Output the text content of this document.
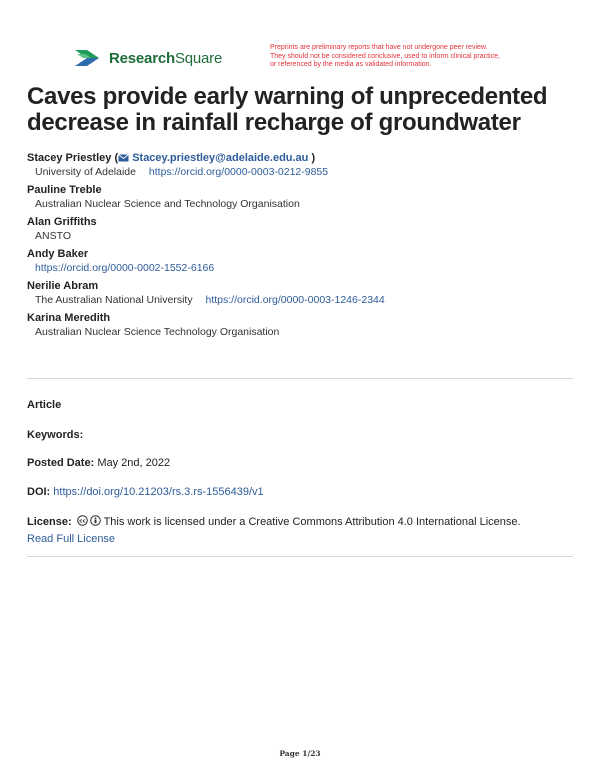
ResearchSquare
Preprints are preliminary reports that have not undergone peer review.
They should not be considered conclusive, used to inform clinical practice,
or referenced by the media as validated information.
Caves provide early warning of unprecedented decrease in rainfall recharge of groundwater
Stacey Priestley ( Stacey.priestley@adelaide.edu.au )
University of Adelaide https://orcid.org/0000-0003-0212-9855
Pauline Treble
Australian Nuclear Science and Technology Organisation
Alan Griffiths
ANSTO
Andy Baker
https://orcid.org/0000-0002-1552-6166
Nerilie Abram
The Australian National University https://orcid.org/0000-0003-1246-2344
Karina Meredith
Australian Nuclear Science Technology Organisation
Article
Keywords:
Posted Date: May 2nd, 2022
DOI: https://doi.org/10.21203/rs.3.rs-1556439/v1
License: cc This work is licensed under a Creative Commons Attribution 4.0 International License.
Read Full License
Page 1/23
